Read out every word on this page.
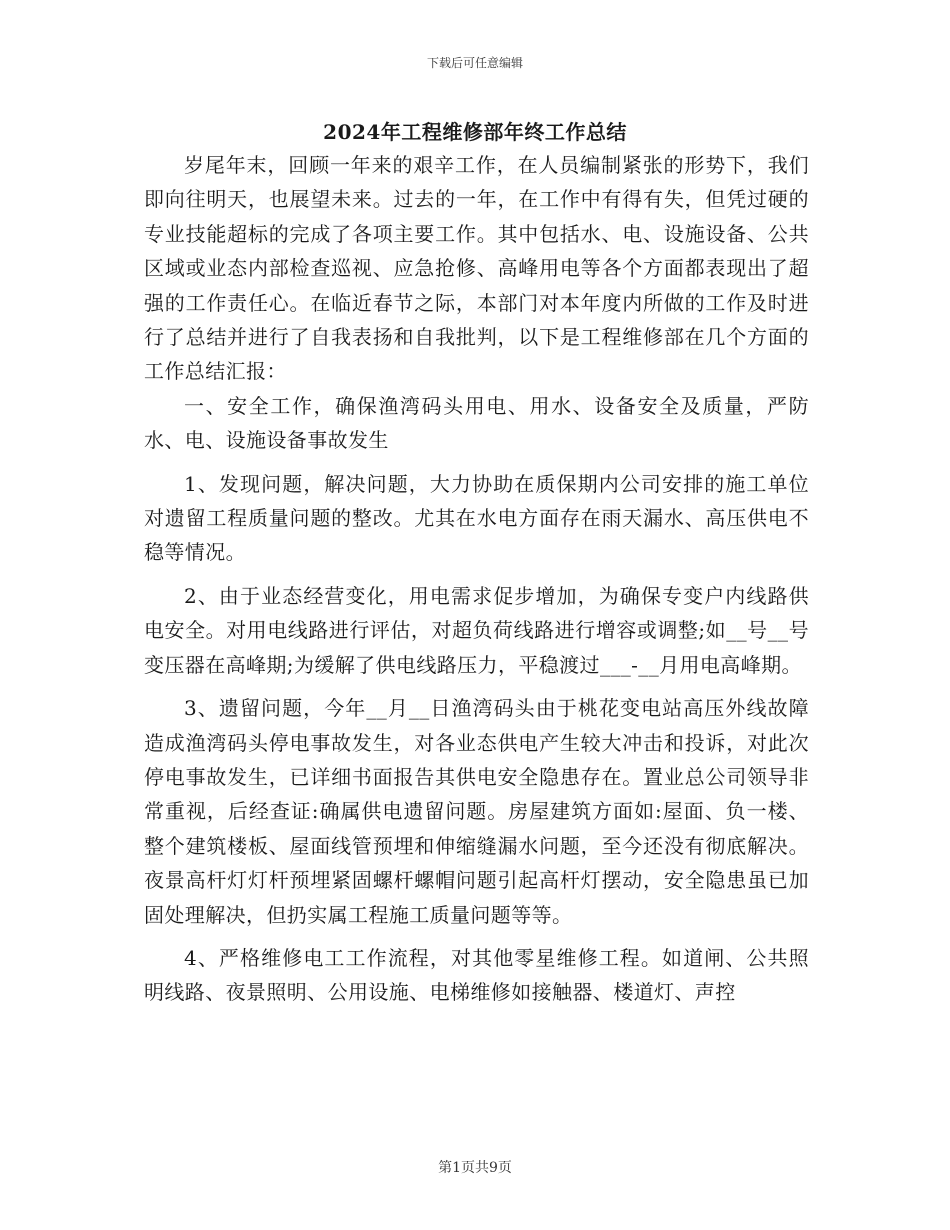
下载后可任意编辑
2024年工程维修部年终工作总结

岁尾年末，回顾一年来的艰辛工作，在人员编制紧张的形势下，我们即向往明天，也展望未来。过去的一年，在工作中有得有失，但凭过硬的专业技能超标的完成了各项主要工作。其中包括水、电、设施设备、公共区域或业态内部检查巡视、应急抢修、高峰用电等各个方面都表现出了超强的工作责任心。在临近春节之际，本部门对本年度内所做的工作及时进行了总结并进行了自我表扬和自我批判，以下是工程维修部在几个方面的工作总结汇报：

一、安全工作，确保渔湾码头用电、用水、设备安全及质量，严防水、电、设施设备事故发生

1、发现问题，解决问题，大力协助在质保期内公司安排的施工单位对遗留工程质量问题的整改。尤其在水电方面存在雨天漏水、高压供电不稳等情况。

2、由于业态经营变化，用电需求促步增加，为确保专变户内线路供电安全。对用电线路进行评估，对超负荷线路进行增容或调整;如__号__号变压器在高峰期;为缓解了供电线路压力，平稳渡过___-__月用电高峰期。

3、遗留问题，今年__月__日渔湾码头由于桃花变电站高压外线故障造成渔湾码头停电事故发生，对各业态供电产生较大冲击和投诉，对此次停电事故发生，已详细书面报告其供电安全隐患存在。置业总公司领导非常重视，后经查证:确属供电遗留问题。房屋建筑方面如:屋面、负一楼、整个建筑楼板、屋面线管预埋和伸缩缝漏水问题，至今还没有彻底解决。夜景高杆灯灯杆预埋紧固螺杆螺帽问题引起高杆灯摆动，安全隐患虽已加固处理解决，但扔实属工程施工质量问题等等。

4、严格维修电工工作流程，对其他零星维修工程。如道闸、公共照明线路、夜景照明、公用设施、电梯维修如接触器、楼道灯、声控

第1页共9页
